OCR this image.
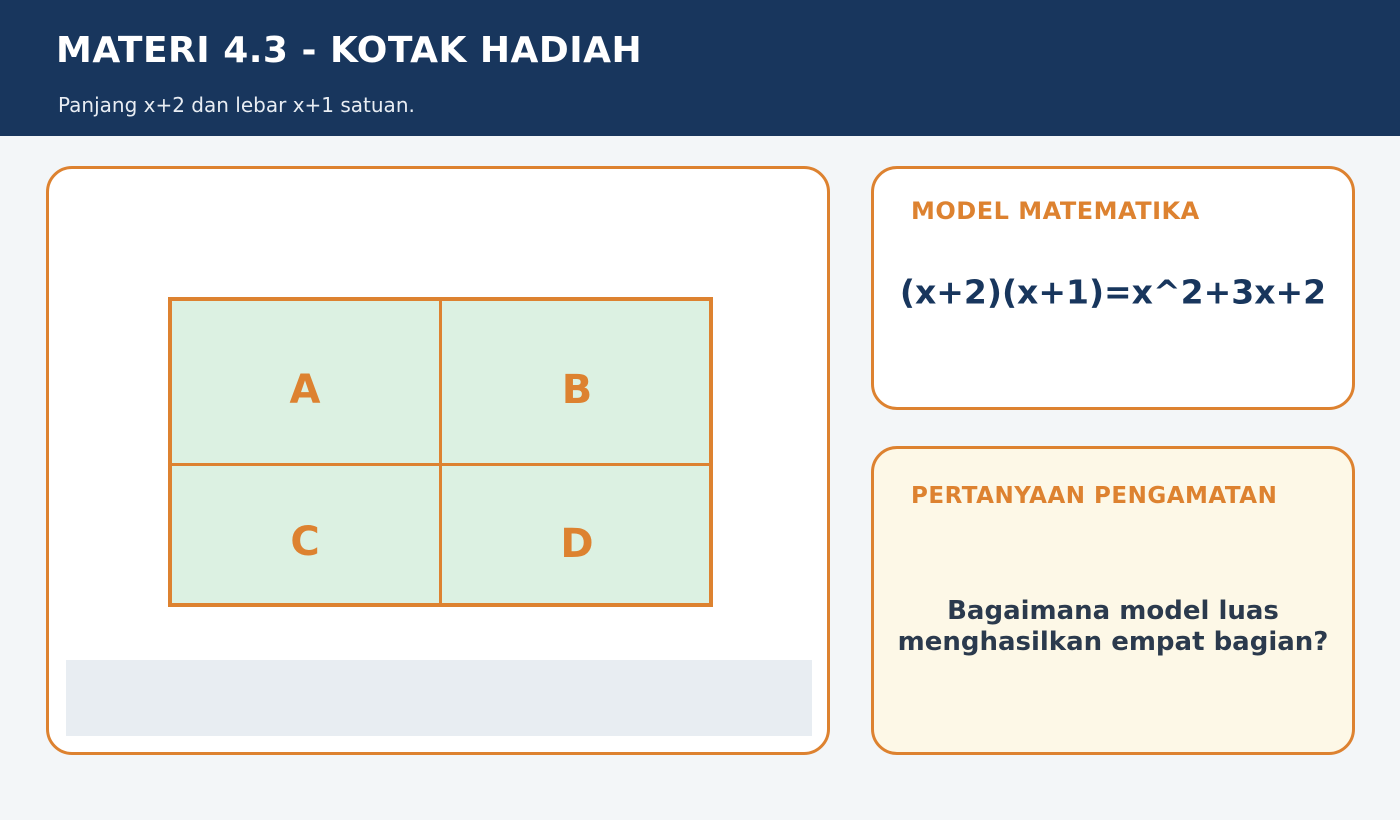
MATERI 4.3 - KOTAK HADIAH
Panjang x+2 dan lebar x+1 satuan.
A	B
C	D
MODEL MATEMATIKA
(x+2)(x+1)=x^2+3x+2
PERTANYAAN PENGAMATAN
Bagaimana model luas
menghasilkan empat bagian?
